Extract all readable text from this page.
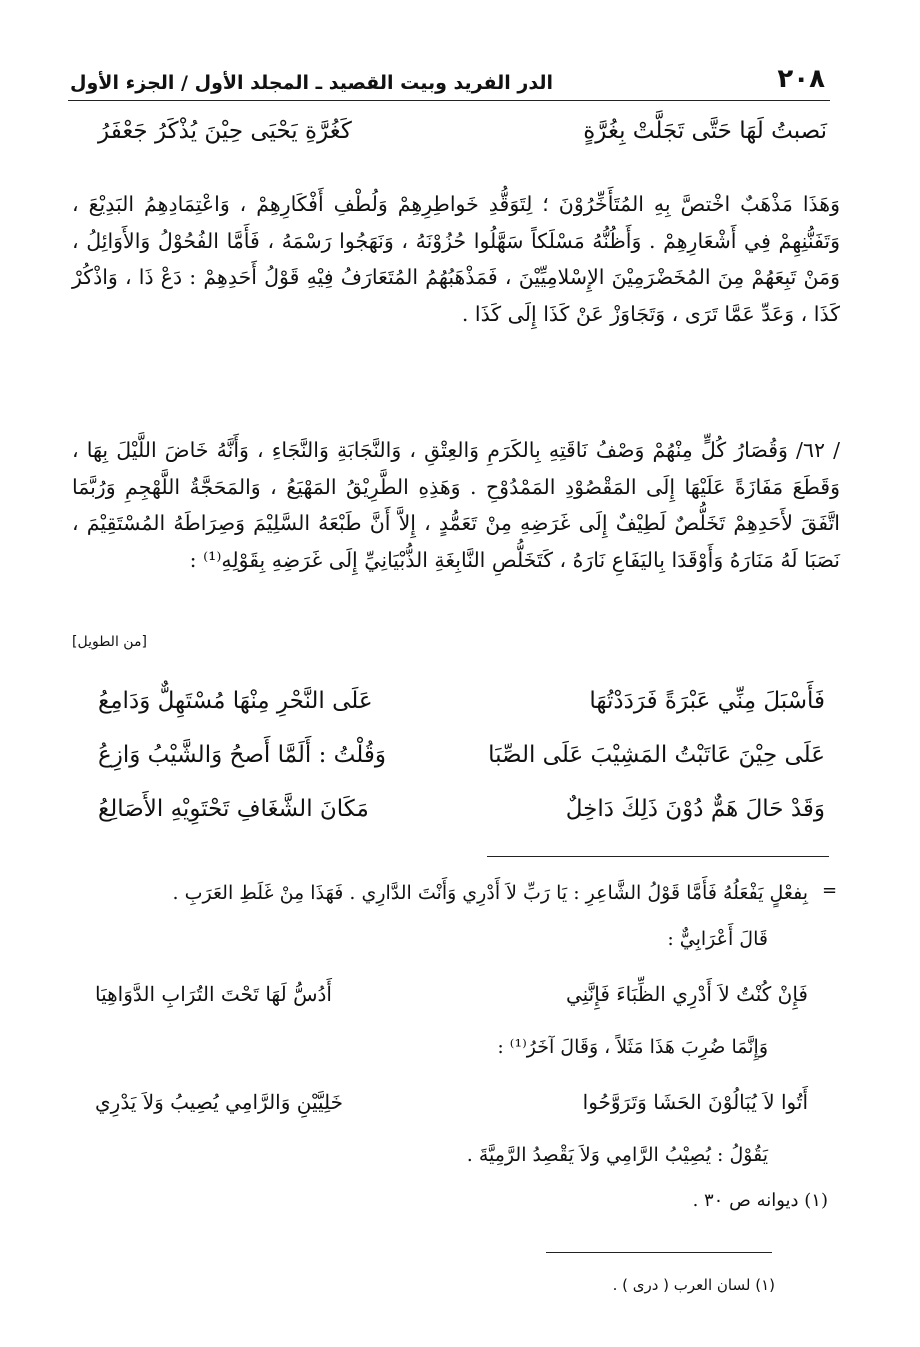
الدر الفريد وبيت القصيد ـ المجلد الأول / الجزء الأول	٢٠٨
نَصبتُ لَهَا حَتَّى تَجَلَّتْ بِغُرَّةٍ
كَغُرَّةِ يَحْيَى حِيْنَ يُذْكَرُ جَعْفَرُ

وَهَذَا مَذْهَبٌ اخْتصَّ بِهِ المُتَأَخِّرُوْنَ ؛ لِتَوَقُّدِ خَواطِرِهِمْ وَلُطْفِ أَفْكَارِهِمْ ، وَاعْتِمَادِهِمُ البَدِيْعَ ، وَتَفَنُّنِهِمْ فِي أَشْعَارِهِمْ . وَأَظُنُّهُ مَسْلَكاً سَهَّلُوا حُزُوْنَهُ ، وَنَهَجُوا رَسْمَهُ ، فَأَمَّا الفُحُوْلُ وَالأَوَائِلُ ، وَمَنْ تَبِعَهُمْ مِنَ المُخَضْرَمِيْنَ الإِسْلامِيِّيْنَ ، فَمَذْهَبُهُمُ المُتَعَارَفُ فِيْهِ قَوْلُ أَحَدِهِمْ : دَعْ ذَا ، وَاذْكُرْ كَذَا ، وَعَدِّ عَمَّا تَرَى ، وَتَجَاوَزْ عَنْ كَذَا إِلَى كَذَا .

/ ٦٢/ وَقُصَارُ كُلٍّ مِنْهُمْ وَصْفُ نَاقَتِهِ بِالكَرَمِ وَالعِتْقِ ، وَالنَّجَابَةِ وَالنَّجَاءِ ، وَأَنَّهُ خَاضَ اللَّيْلَ بِهَا ، وَقَطَعَ مَفَازَةً عَلَيْهَا إِلَى المَقْصُوْدِ المَمْدُوْحِ . وَهَذِهِ الطَّرِيْقُ المَهْيَعُ ، وَالمَحَجَّةُ اللَّهْجِمِ وَرُبَّمَا اتَّفَقَ لأَحَدِهِمْ تَخَلُّصٌ لَطِيْفٌ إِلَى غَرَضِهِ مِنْ تَعَمُّدٍ ، إِلاَّ أَنَّ طَبْعَهُ السَّلِيْمَ وَصِرَاطَهُ المُسْتَقِيْمَ ، نَصَبَا لَهُ مَنَارَهُ وَأَوْقَدَا بِاليَفَاعِ نَارَهُ ، كَتَخَلُّصِ النَّابِغَةِ الذُّبْيَانِيِّ إِلَى غَرَضِهِ بِقَوْلِهِ⁽¹⁾ :

[من الطويل]
فَأَسْبَلَ مِنِّي عَبْرَةً فَرَدَدْتُهَا
عَلَى النَّحْرِ مِنْهَا مُسْتَهِلٌّ وَدَامِعُ
عَلَى حِيْنَ عَاتَبْتُ المَشِيْبَ عَلَى الصِّبَا
وَقُلْتُ : أَلَمَّا أَصحُ وَالشَّيْبُ وَازِعُ
وَقَدْ حَالَ هَمٌّ دُوْنَ ذَلِكَ دَاخِلٌ
مَكَانَ الشَّغَافِ تَحْتَوِيْهِ الأَصَالِعُ
=
بِفعْلٍ يَفْعَلُهُ فَأَمَّا قَوْلُ الشَّاعِرِ : يَا رَبِّ لاَ أَدْرِي وَأَنْتَ الدَّارِي . فَهَذَا مِنْ غَلَطِ العَرَبِ .
قَالَ أَعْرَابِيٌّ :
فَإِنْ كُنْتُ لاَ أَدْرِي الظِّبَاءَ فَإِنَّنِي
أَدُسُّ لَهَا تَحْتَ التُرَابِ الدَّوَاهِيَا
وَإِنَّمَا ضُرِبَ هَذَا مَثَلاً ، وَقَالَ آخَرُ⁽¹⁾ :
أَتُوا لاَ يُبَالُوْنَ الحَشَا وَتَرَوَّحُوا
خَلِيَّيْنِ وَالرَّامِي يُصِيبُ وَلاَ يَدْرِي
يَقُوْلُ : يُصِيْبُ الرَّامِي وَلاَ يَقْصِدُ الرَّمِيَّةَ .
(١) ديوانه ص ٣٠ .
(١) لسان العرب ( درى ) .
